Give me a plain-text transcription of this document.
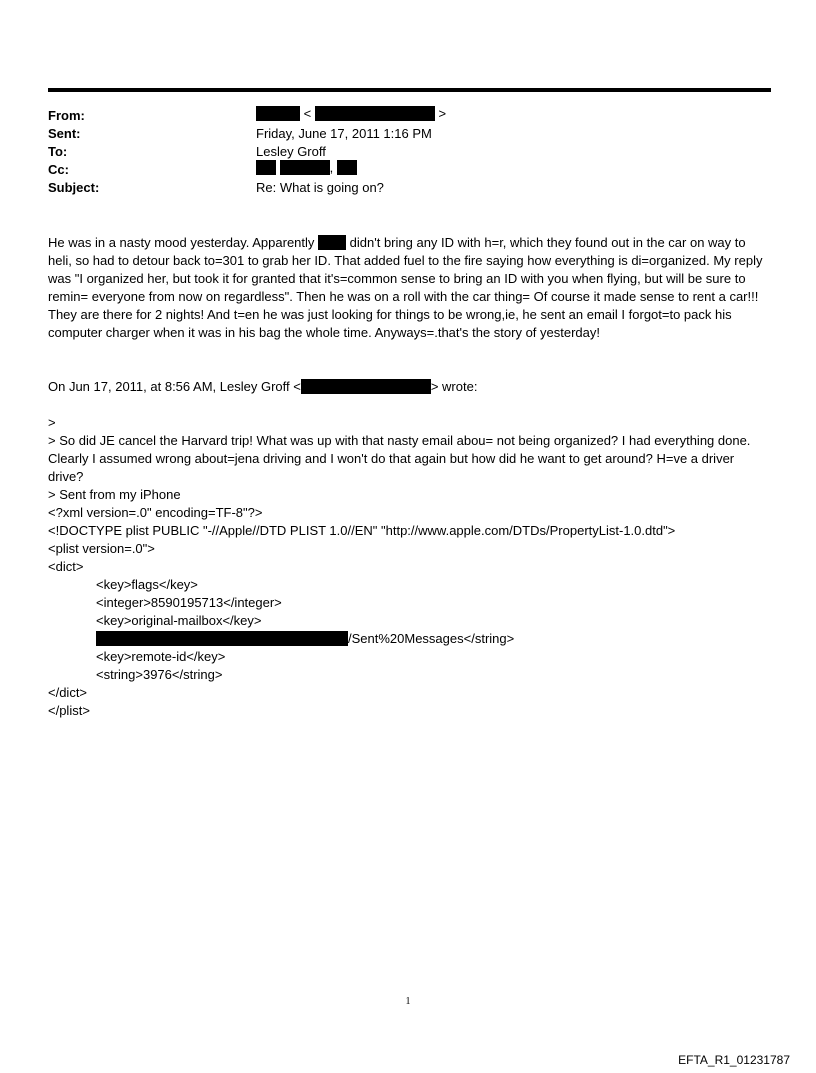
From:	<	>
Sent:	Friday, June 17, 2011 1:16 PM
To:	Lesley Groff
Cc:	,
Subject:	Re: What is going on?
He was in a nasty mood yesterday. Apparently	didn't bring any ID with h=r, which they found out in the car on way to heli, so had to detour back to=301 to grab her ID. That added fuel to the fire saying how everything is di=organized. My reply was "I organized her, but took it for granted that it's=common sense to bring an ID with you when flying, but will be sure to remin= everyone from now on regardless". Then he was on a roll with the car thing= Of course it made sense to rent a car!!! They are there for 2 nights! And t=en he was just looking for things to be wrong,ie, he sent an email I forgot=to pack his computer charger when it was in his bag the whole time. Anyways=.that's the story of yesterday!
On Jun 17, 2011, at 8:56 AM, Lesley Groff <	> wrote:
>
> So did JE cancel the Harvard trip! What was up with that nasty email abou= not being organized? I had everything done. Clearly I assumed wrong about=jena driving and I won't do that again but how did he want to get around? H=ve a driver drive?
> Sent from my iPhone
<?xml version=.0" encoding=TF-8"?>
<!DOCTYPE plist PUBLIC "-//Apple//DTD PLIST 1.0//EN" "http://www.apple.com/DTDs/PropertyList-1.0.dtd">
<plist version=.0">
<dict>
<key>flags</key>
<integer>8590195713</integer>
<key>original-mailbox</key>
/Sent%20Messages</string>
<key>remote-id</key>
<string>3976</string>
</dict>
</plist>
1
EFTA_R1_01231787
